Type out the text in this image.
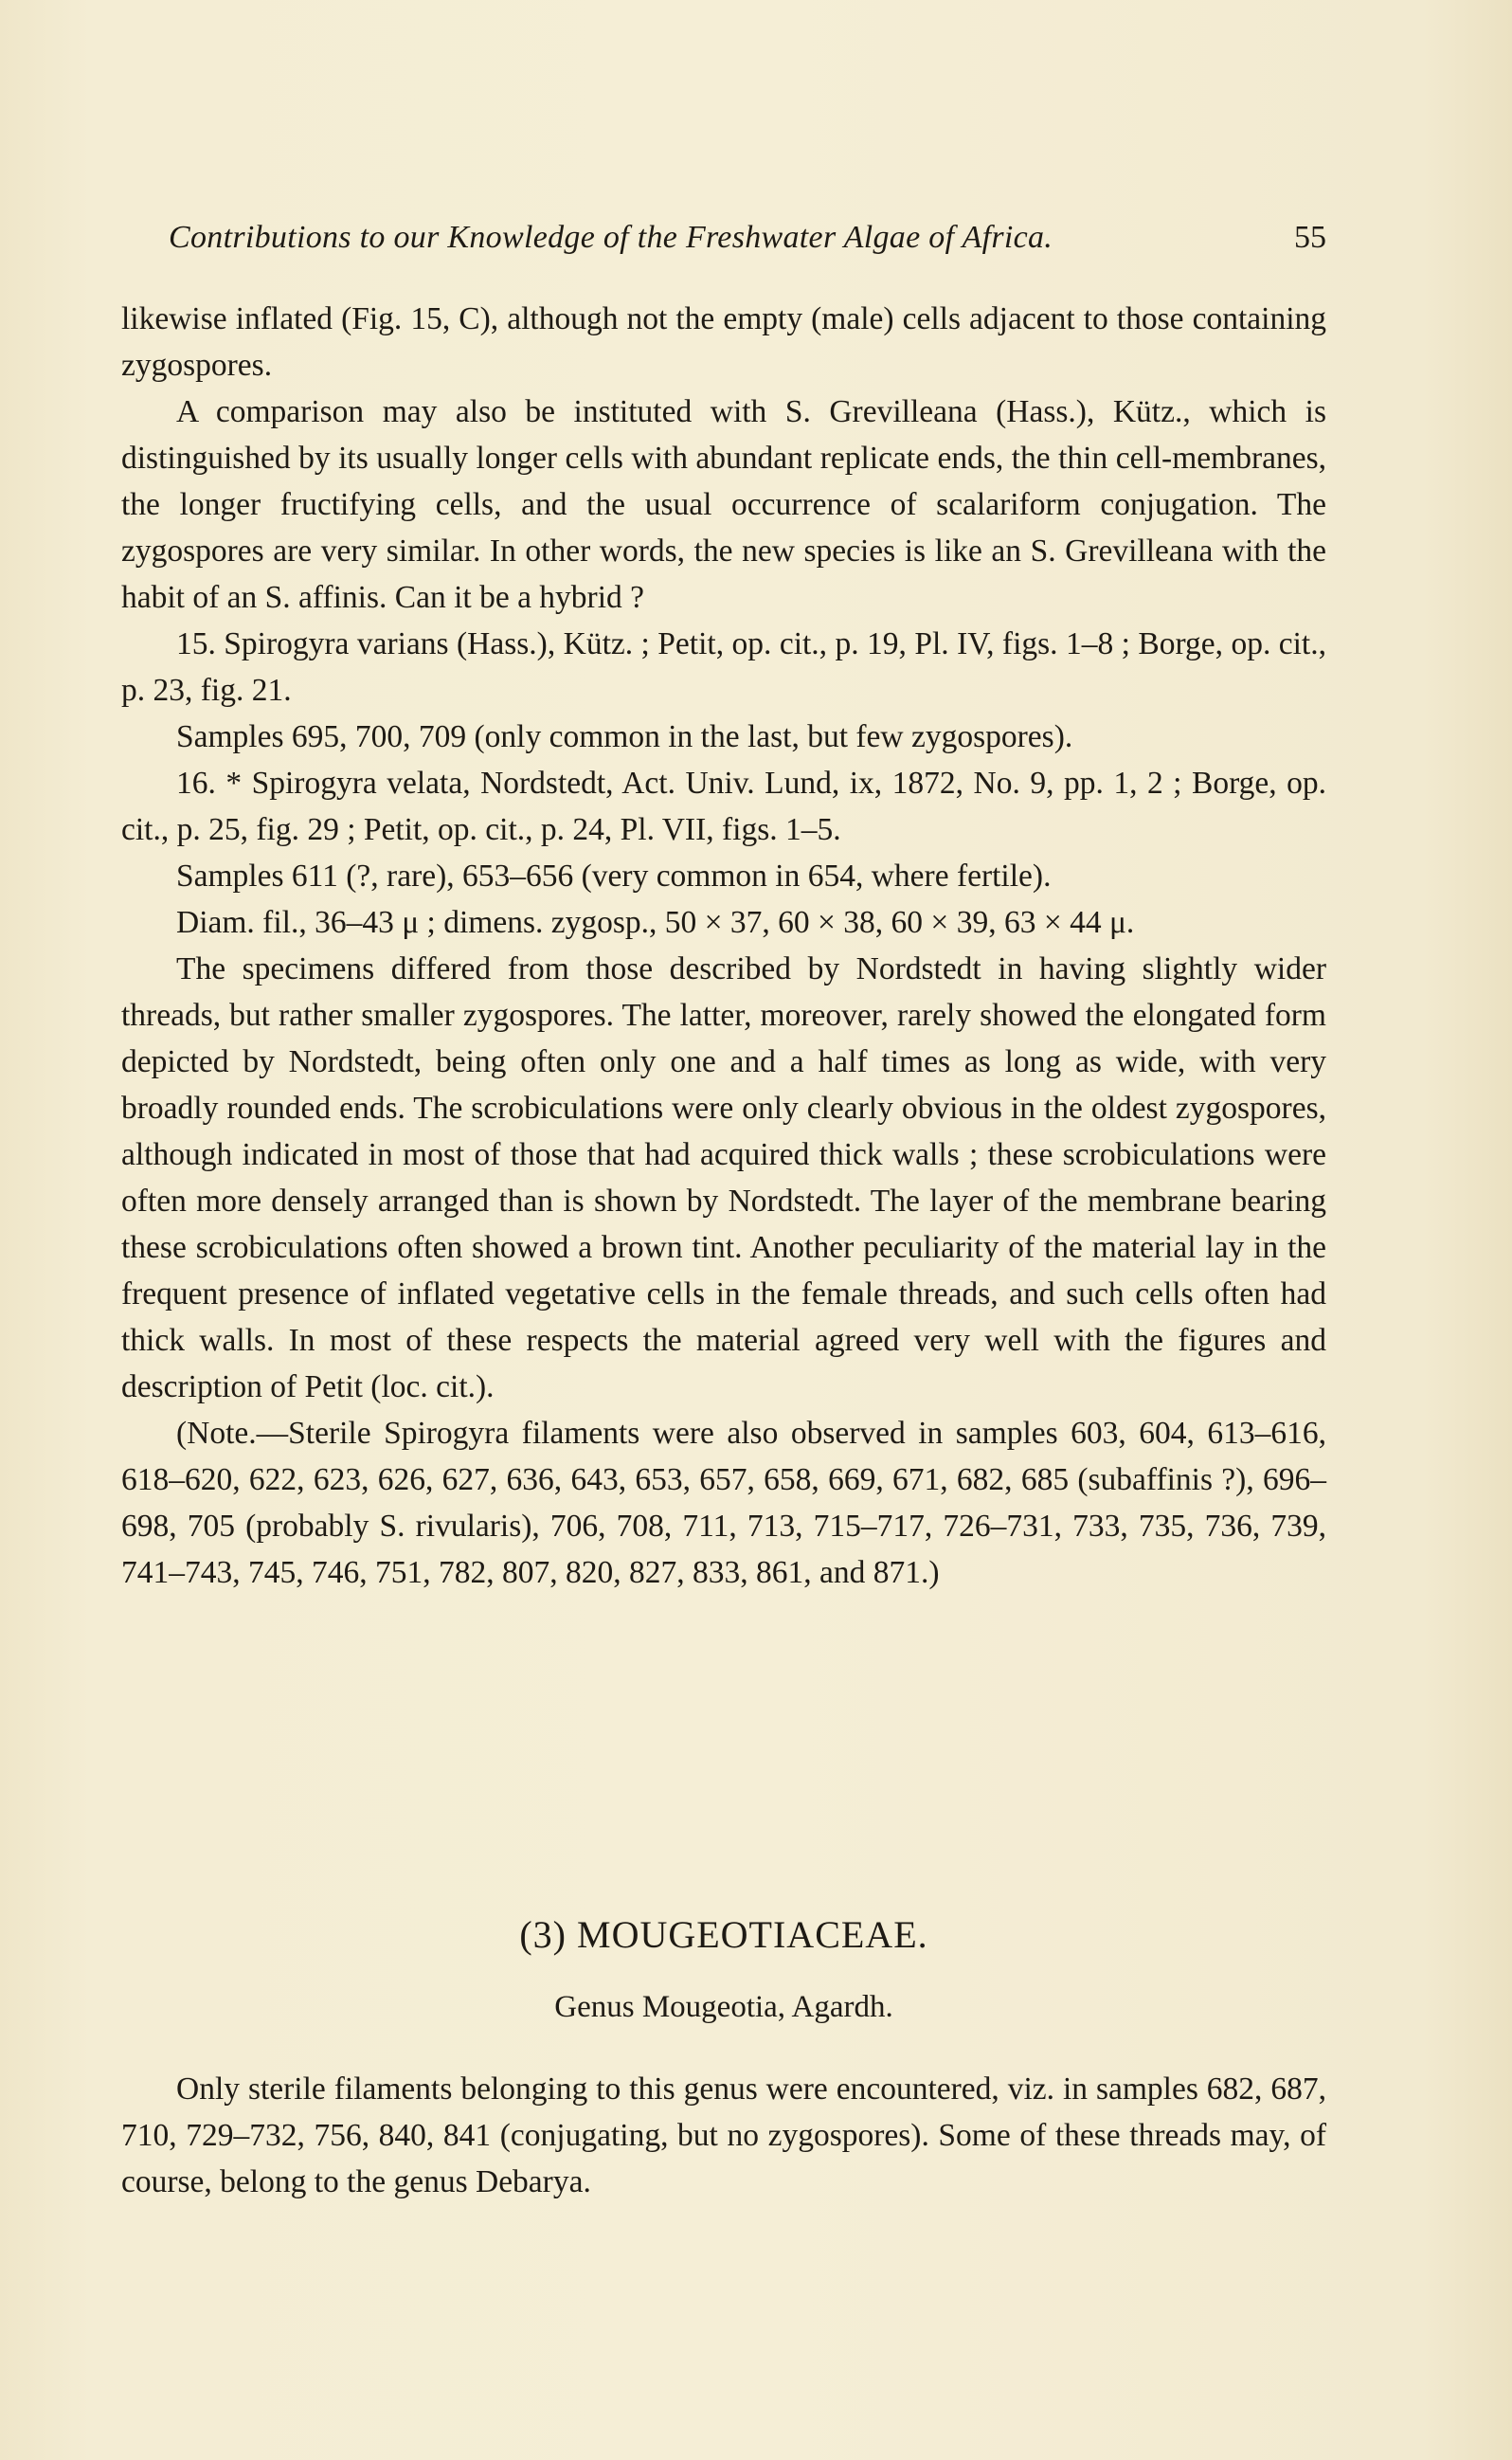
Contributions to our Knowledge of the Freshwater Algae of Africa.	55

likewise inflated (Fig. 15, C), although not the empty (male) cells adjacent to those containing zygospores.

A comparison may also be instituted with S. Grevilleana (Hass.), Kütz., which is distinguished by its usually longer cells with abundant replicate ends, the thin cell-membranes, the longer fructifying cells, and the usual occurrence of scalariform conjugation. The zygospores are very similar. In other words, the new species is like an S. Grevilleana with the habit of an S. affinis. Can it be a hybrid ?

15. Spirogyra varians (Hass.), Kütz. ; Petit, op. cit., p. 19, Pl. IV, figs. 1–8 ; Borge, op. cit., p. 23, fig. 21.

Samples 695, 700, 709 (only common in the last, but few zygospores).

16. * Spirogyra velata, Nordstedt, Act. Univ. Lund, ix, 1872, No. 9, pp. 1, 2 ; Borge, op. cit., p. 25, fig. 29 ; Petit, op. cit., p. 24, Pl. VII, figs. 1–5.

Samples 611 (?, rare), 653–656 (very common in 654, where fertile).

Diam. fil., 36–43 μ ; dimens. zygosp., 50 × 37, 60 × 38, 60 × 39, 63 × 44 μ.

The specimens differed from those described by Nordstedt in having slightly wider threads, but rather smaller zygospores. The latter, moreover, rarely showed the elongated form depicted by Nordstedt, being often only one and a half times as long as wide, with very broadly rounded ends. The scrobiculations were only clearly obvious in the oldest zygospores, although indicated in most of those that had acquired thick walls ; these scrobiculations were often more densely arranged than is shown by Nordstedt. The layer of the membrane bearing these scrobiculations often showed a brown tint. Another peculiarity of the material lay in the frequent presence of inflated vegetative cells in the female threads, and such cells often had thick walls. In most of these respects the material agreed very well with the figures and description of Petit (loc. cit.).

(Note.—Sterile Spirogyra filaments were also observed in samples 603, 604, 613–616, 618–620, 622, 623, 626, 627, 636, 643, 653, 657, 658, 669, 671, 682, 685 (subaffinis ?), 696–698, 705 (probably S. rivularis), 706, 708, 711, 713, 715–717, 726–731, 733, 735, 736, 739, 741–743, 745, 746, 751, 782, 807, 820, 827, 833, 861, and 871.)

(3) MOUGEOTIACEAE.
Genus Mougeotia, Agardh.

Only sterile filaments belonging to this genus were encountered, viz. in samples 682, 687, 710, 729–732, 756, 840, 841 (conjugating, but no zygospores). Some of these threads may, of course, belong to the genus Debarya.
